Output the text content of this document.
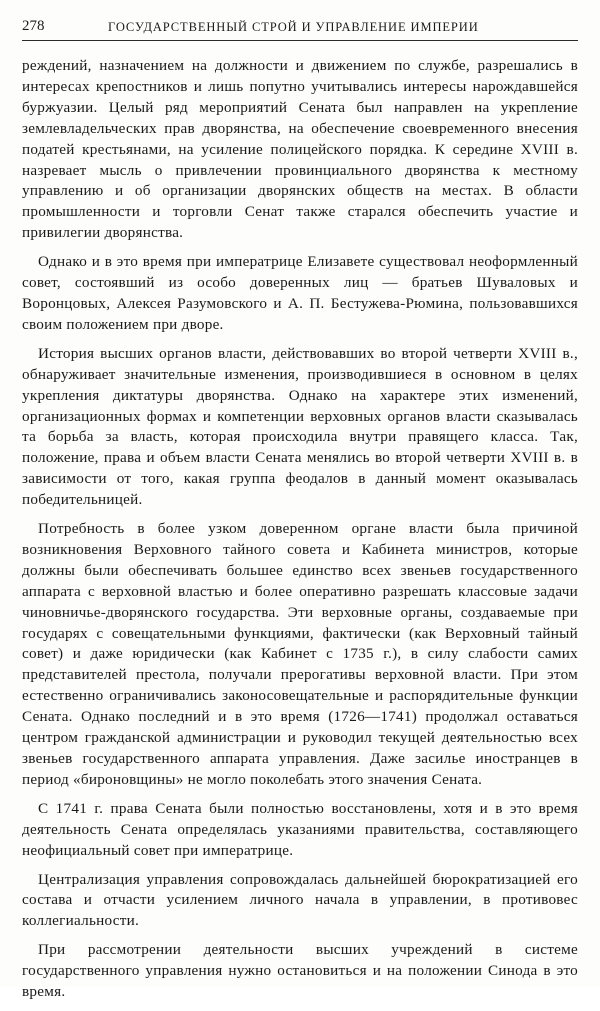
278	ГОСУДАРСТВЕННЫЙ СТРОЙ И УПРАВЛЕНИЕ ИМПЕРИИ

реждений, назначением на должности и движением по службе, разрешались в интересах крепостников и лишь попутно учитывались интересы нарождавшейся буржуазии. Целый ряд мероприятий Сената был направлен на укрепление землевладельческих прав дворянства, на обеспечение своевременного внесения податей крестьянами, на усиление полицейского порядка. К середине XVIII в. назревает мысль о привлечении провинциального дворянства к местному управлению и об организации дворянских обществ на местах. В области промышленности и торговли Сенат также старался обеспечить участие и привилегии дворянства.

Однако и в это время при императрице Елизавете существовал неоформленный совет, состоявший из особо доверенных лиц — братьев Шуваловых и Воронцовых, Алексея Разумовского и А. П. Бестужева-Рюмина, пользовавшихся своим положением при дворе.

История высших органов власти, действовавших во второй четверти XVIII в., обнаруживает значительные изменения, производившиеся в основном в целях укрепления диктатуры дворянства. Однако на характере этих изменений, организационных формах и компетенции верховных органов власти сказывалась та борьба за власть, которая происходила внутри правящего класса. Так, положение, права и объем власти Сената менялись во второй четверти XVIII в. в зависимости от того, какая группа феодалов в данный момент оказывалась победительницей.

Потребность в более узком доверенном органе власти была причиной возникновения Верховного тайного совета и Кабинета министров, которые должны были обеспечивать большее единство всех звеньев государственного аппарата с верховной властью и более оперативно разрешать классовые задачи чиновничье-дворянского государства. Эти верховные органы, создаваемые при государях с совещательными функциями, фактически (как Верховный тайный совет) и даже юридически (как Кабинет с 1735 г.), в силу слабости самих представителей престола, получали прерогативы верховной власти. При этом естественно ограничивались законосовещательные и распорядительные функции Сената. Однако последний и в это время (1726—1741) продолжал оставаться центром гражданской администрации и руководил текущей деятельностью всех звеньев государственного аппарата управления. Даже засилье иностранцев в период «бироновщины» не могло поколебать этого значения Сената.

С 1741 г. права Сената были полностью восстановлены, хотя и в это время деятельность Сената определялась указаниями правительства, составляющего неофициальный совет при императрице.

Централизация управления сопровождалась дальнейшей бюрократизацией его состава и отчасти усилением личного начала в управлении, в противовес коллегиальности.

При рассмотрении деятельности высших учреждений в системе государственного управления нужно остановиться и на положении Синода в это время.
